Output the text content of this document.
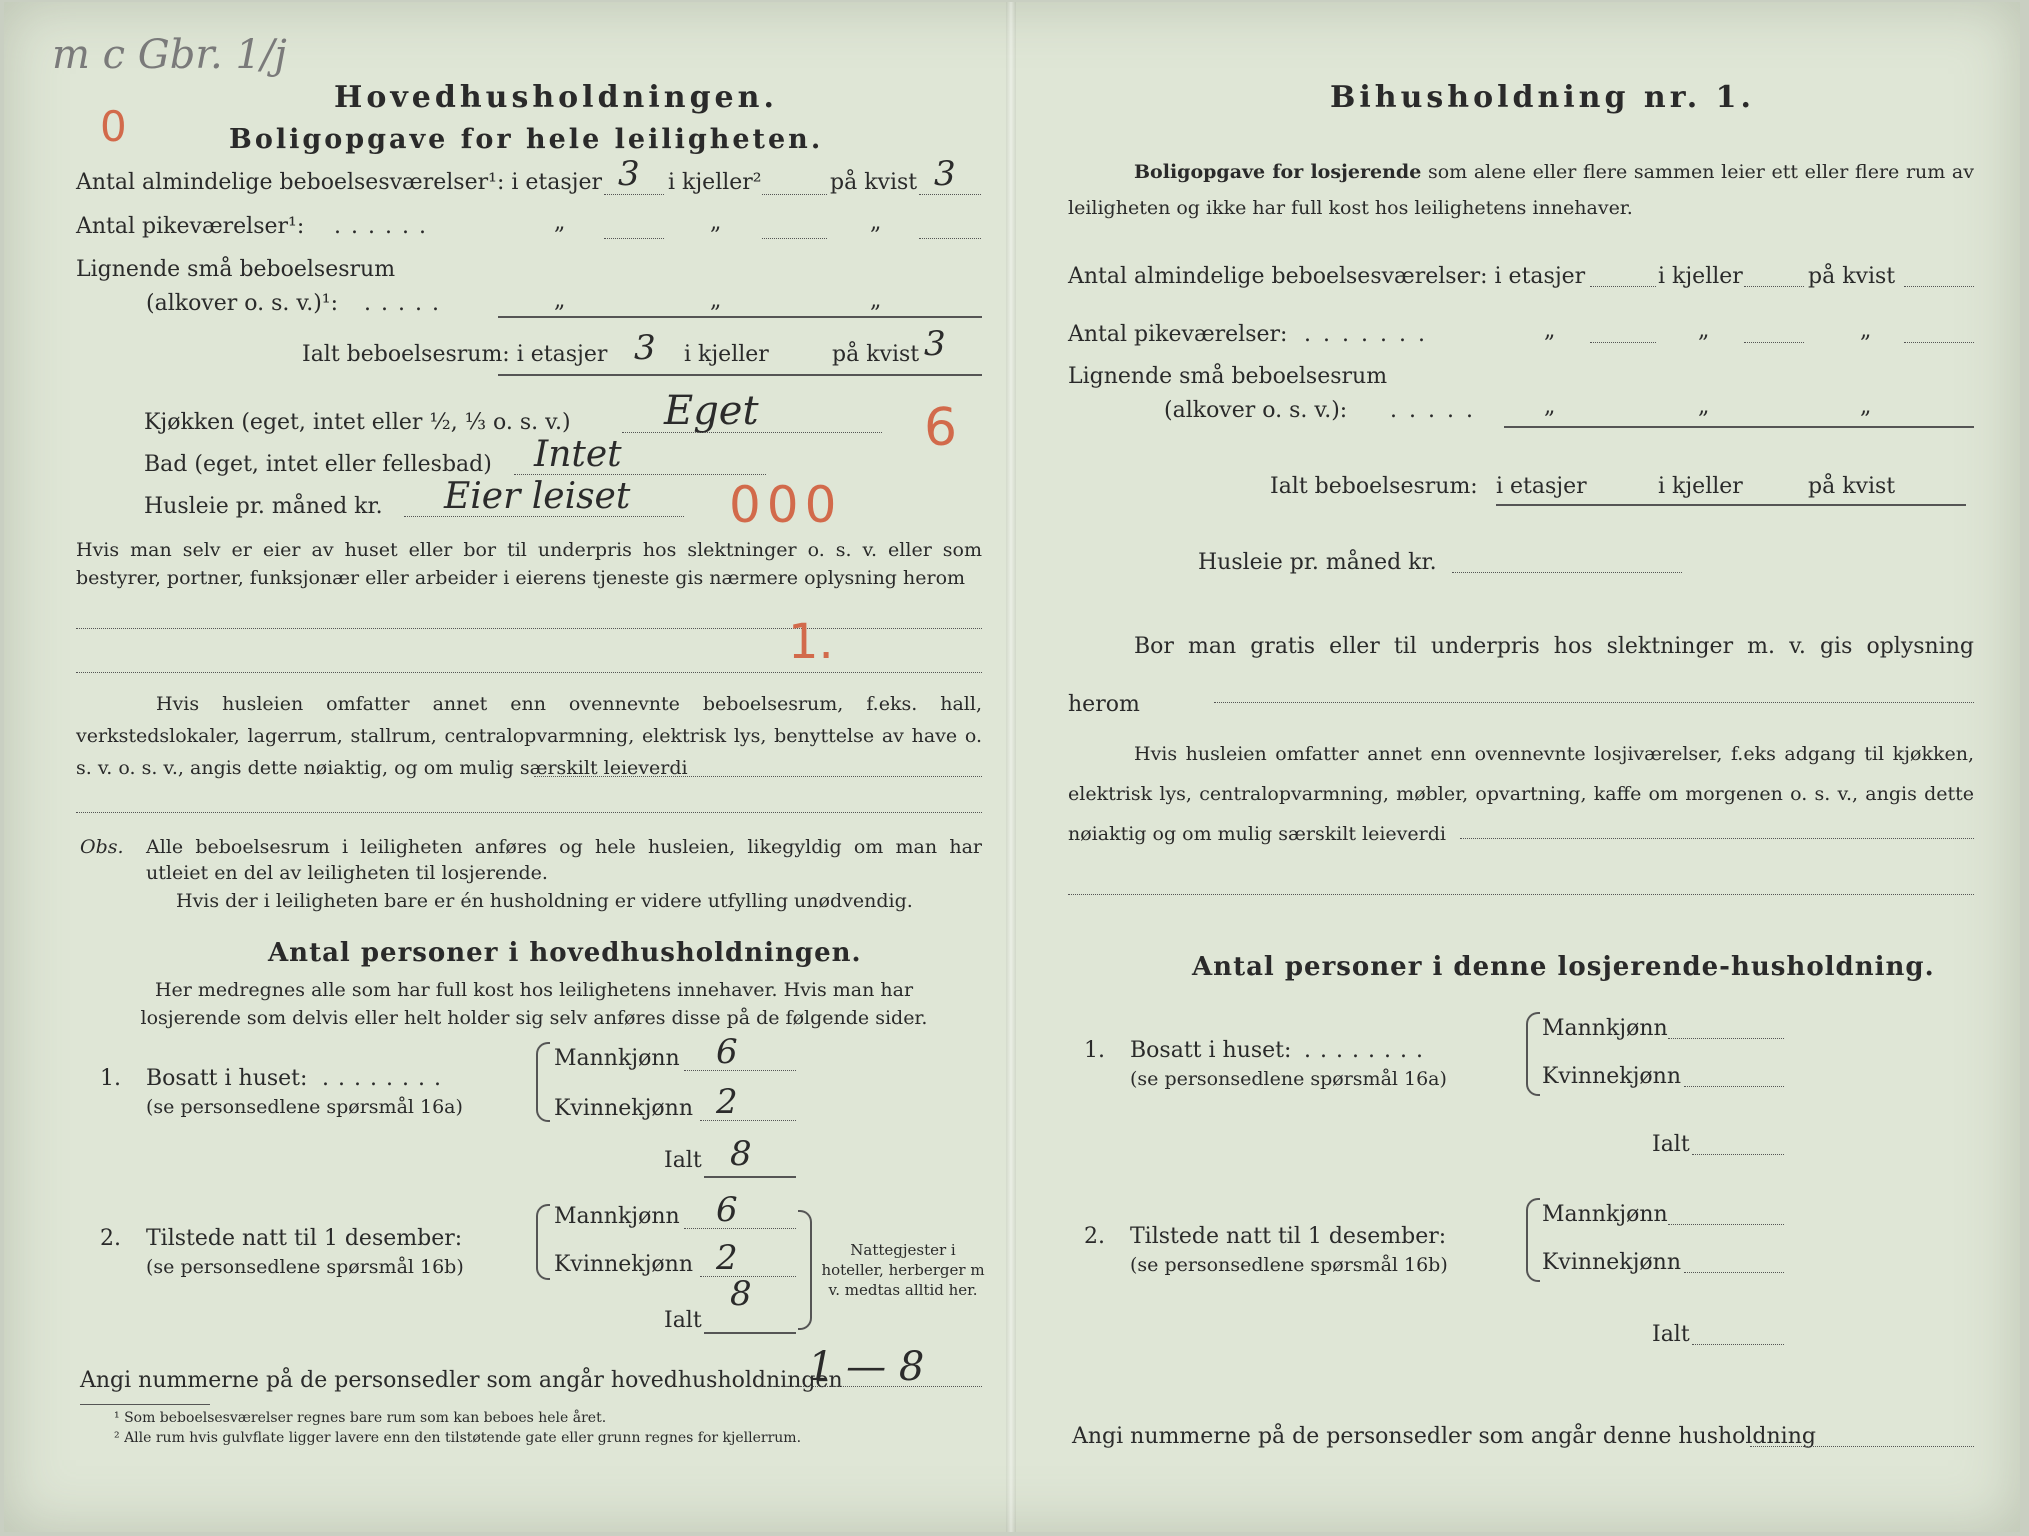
m c Gbr. 1/j
0
Hovedhusholdningen.
Boligopgave for hele leiligheten.
Antal almindelige beboelsesværelser¹: i etasjer 3 i kjeller²	på kvist 3
Antal pikeværelser¹: ......	„	„	„
Lignende små beboelsesrum
(alkover o. s. v.)¹: .....	„	„	„
Ialt beboelsesrum: i etasjer 3 i kjeller	på kvist 3
Kjøkken (eget, intet eller ½, ⅓ o. s. v.) Eget	6
Bad (eget, intet eller fellesbad) Intet
Husleie pr. måned kr. Eier leiset 000
Hvis man selv er eier av huset eller bor til underpris hos slektninger o. s. v. eller som bestyrer, portner, funksjonær eller arbeider i eierens tjeneste gis nærmere oplysning herom
1.
Hvis husleien omfatter annet enn ovennevnte beboelsesrum, f.eks. hall, verkstedslokaler, lagerrum, stallrum, centralopvarmning, elektrisk lys, benyttelse av have o. s. v. o. s. v., angis dette nøiaktig, og om mulig særskilt leieverdi
Obs. Alle beboelsesrum i leiligheten anføres og hele husleien, likegyldig om man har utleiet en del av leiligheten til losjerende.
Hvis der i leiligheten bare er én husholdning er videre utfylling unødvendig.
Antal personer i hovedhusholdningen.
Her medregnes alle som har full kost hos leilighetens innehaver. Hvis man har losjerende som delvis eller helt holder sig selv anføres disse på de følgende sider.
1. Bosatt i huset: ........
(se personsedlene spørsmål 16a)
Mannkjønn 6
Kvinnekjønn 2
Ialt 8
2. Tilstede natt til 1 desember:
(se personsedlene spørsmål 16b)
Mannkjønn 6
Kvinnekjønn 2
8
Ialt
Nattegjester i hoteller, herberger m v. medtas alltid her.
Angi nummerne på de personsedler som angår hovedhusholdningen
1 — 8
¹ Som beboelsesværelser regnes bare rum som kan beboes hele året.
² Alle rum hvis gulvflate ligger lavere enn den tilstøtende gate eller grunn regnes for kjellerrum.
Bihusholdning nr. 1.
Boligopgave for losjerende som alene eller flere sammen leier ett eller flere rum av leiligheten og ikke har full kost hos leilighetens innehaver.
Antal almindelige beboelsesværelser: i etasjer	i kjeller	på kvist
Antal pikeværelser: .......	„	„	„
Lignende små beboelsesrum
(alkover o. s. v.): .....	„	„	„
Ialt beboelsesrum: i etasjer	i kjeller	på kvist
Husleie pr. måned kr.
Bor man gratis eller til underpris hos slektninger m. v. gis oplysning herom
Hvis husleien omfatter annet enn ovennevnte losjiværelser, f.eks adgang til kjøkken, elektrisk lys, centralopvarmning, møbler, opvartning, kaffe om morgenen o. s. v., angis dette nøiaktig og om mulig særskilt leieverdi
Antal personer i denne losjerende-husholdning.
1. Bosatt i huset: ........
(se personsedlene spørsmål 16a)
Mannkjønn
Kvinnekjønn
Ialt
2. Tilstede natt til 1 desember:
(se personsedlene spørsmål 16b)
Mannkjønn
Kvinnekjønn
Ialt
Angi nummerne på de personsedler som angår denne husholdning
